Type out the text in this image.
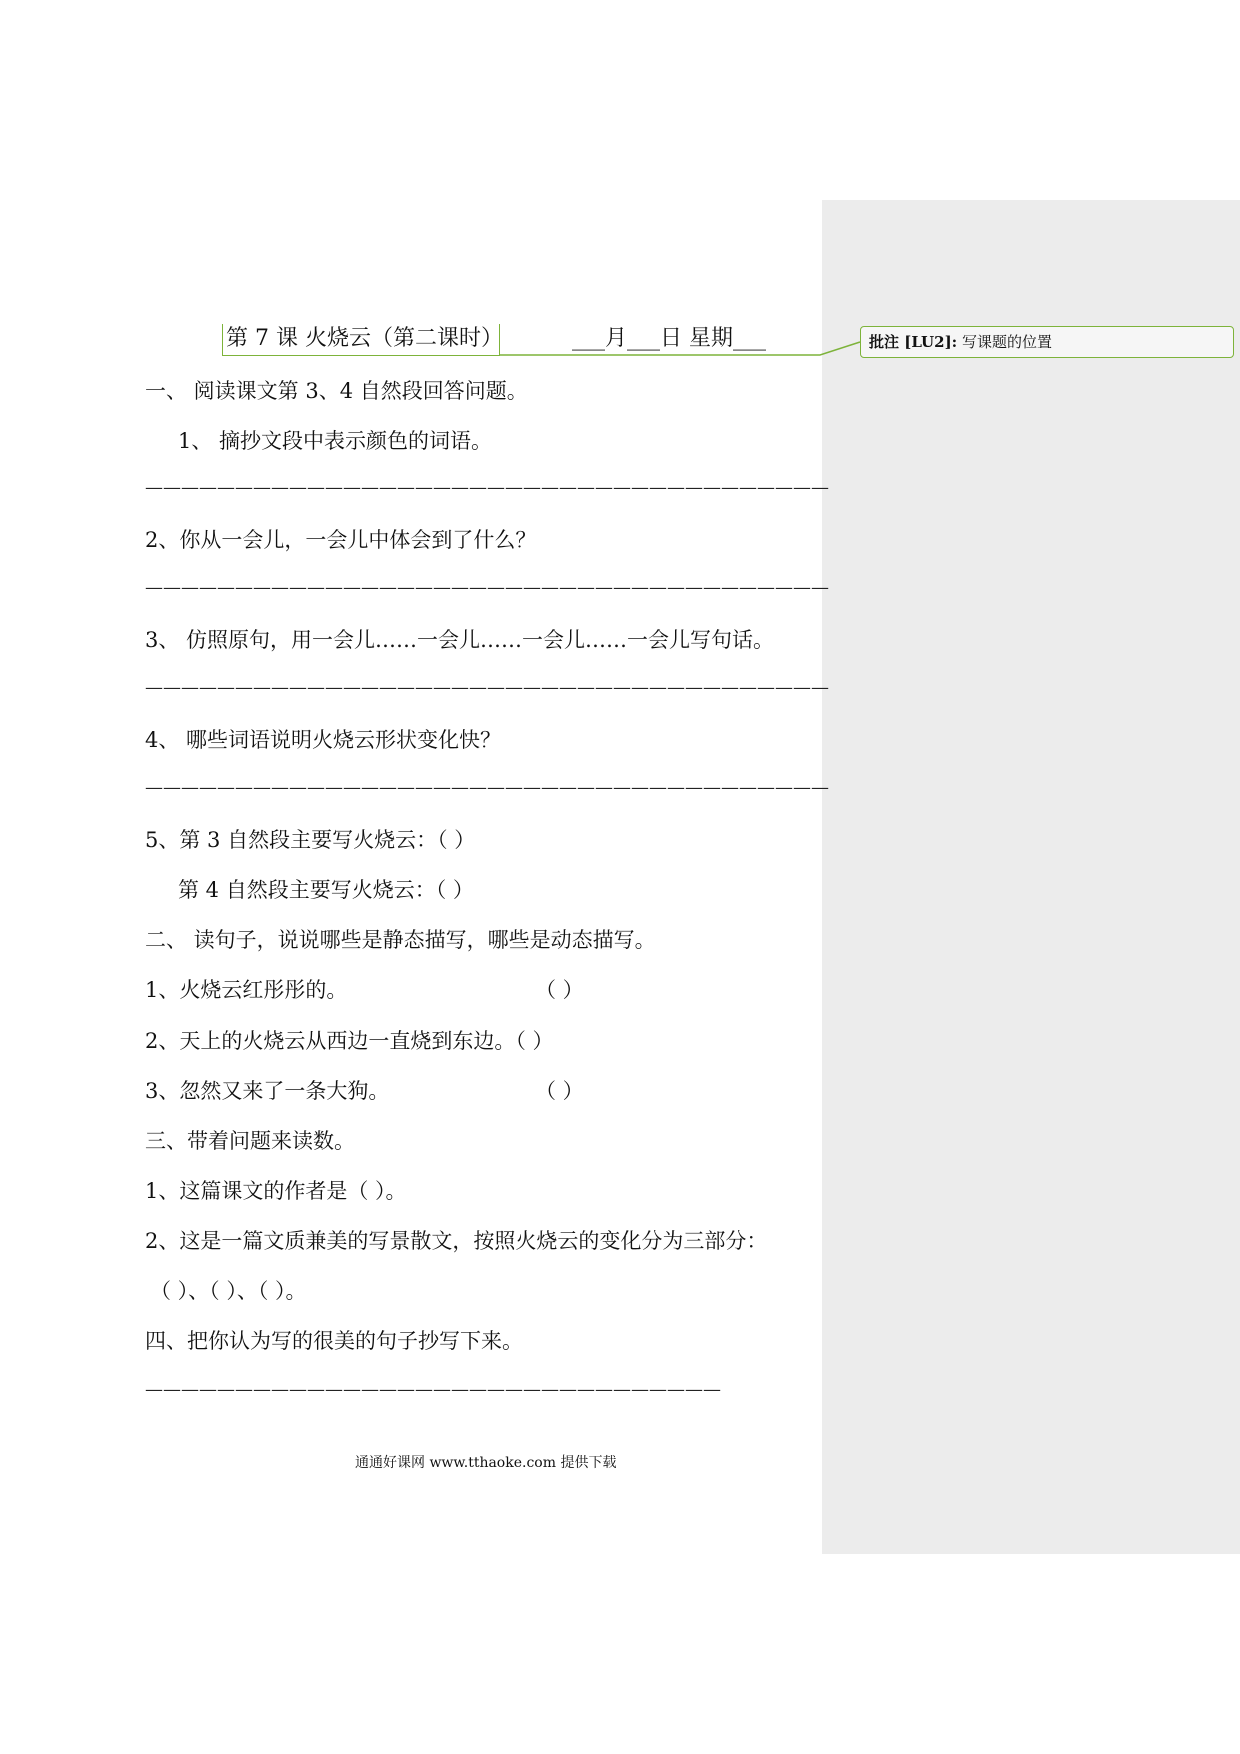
第 7 课 火烧云（第二课时）	___月___日 星期___	批注 [LU2]: 写课题的位置
一、 阅读课文第 3、4 自然段回答问题。
1、 摘抄文段中表示颜色的词语。
——————————————————————————————————————
2、你从一会儿，一会儿中体会到了什么？
——————————————————————————————————————
3、 仿照原句，用一会儿……一会儿……一会儿……一会儿写句话。
——————————————————————————————————————
4、 哪些词语说明火烧云形状变化快？
——————————————————————————————————————
5、第 3 自然段主要写火烧云：（ ）
第 4 自然段主要写火烧云：（ ）
二、 读句子，说说哪些是静态描写，哪些是动态描写。
1、火烧云红彤彤的。	（ ）
2、天上的火烧云从西边一直烧到东边。（ ）
3、忽然又来了一条大狗。	（ ）
三、带着问题来读数。
1、这篇课文的作者是（ ）。
2、这是一篇文质兼美的写景散文，按照火烧云的变化分为三部分：
（ ）、（ ）、（ ）。
四、把你认为写的很美的句子抄写下来。
————————————————————————————————
通通好课网 www.tthaoke.com 提供下载
